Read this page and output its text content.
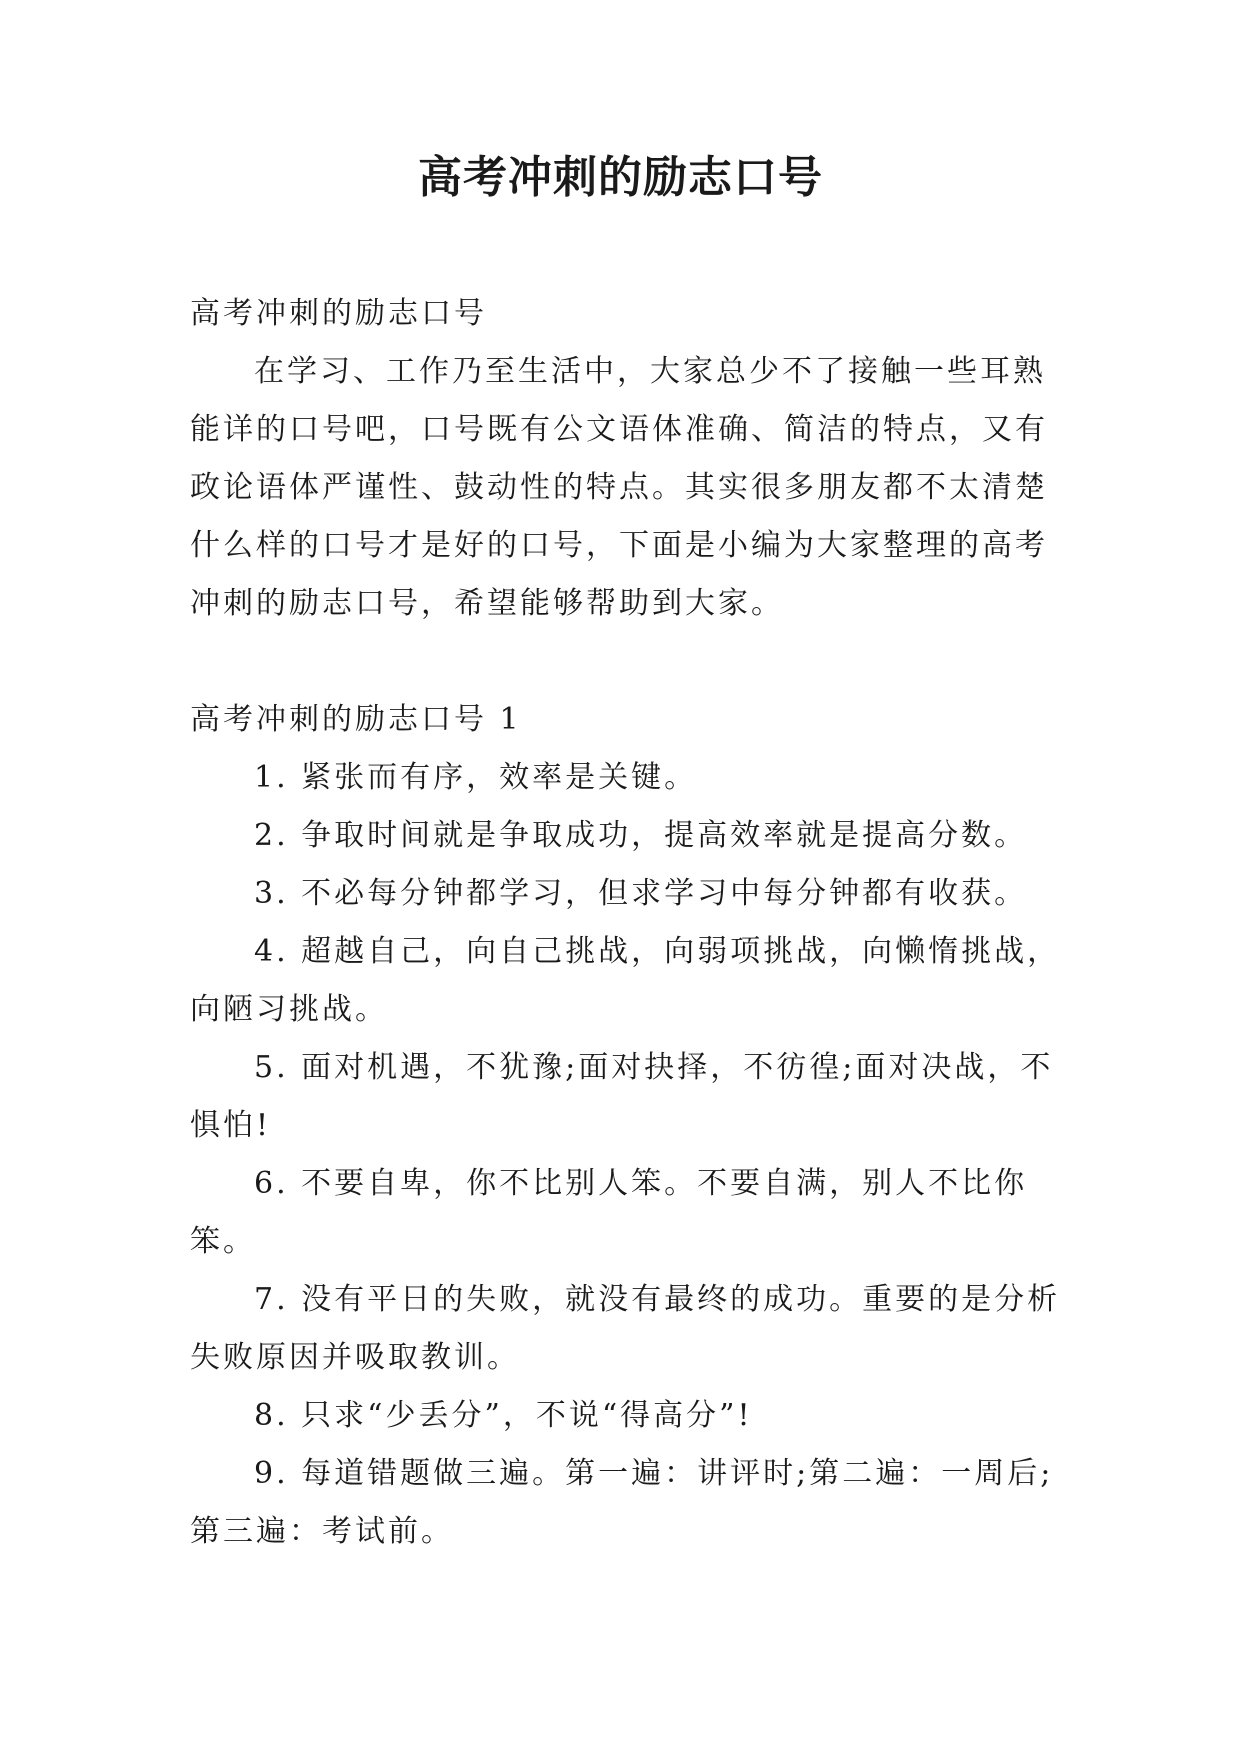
高考冲刺的励志口号

高考冲刺的励志口号

在学习、工作乃至生活中，大家总少不了接触一些耳熟能详的口号吧，口号既有公文语体准确、简洁的特点，又有政论语体严谨性、鼓动性的特点。其实很多朋友都不太清楚什么样的口号才是好的口号，下面是小编为大家整理的高考冲刺的励志口号，希望能够帮助到大家。

高考冲刺的励志口号 1

1. 紧张而有序，效率是关键。

2. 争取时间就是争取成功，提高效率就是提高分数。

3. 不必每分钟都学习，但求学习中每分钟都有收获。

4. 超越自己，向自己挑战，向弱项挑战，向懒惰挑战，向陋习挑战。

5. 面对机遇，不犹豫;面对抉择，不彷徨;面对决战，不惧怕!

6. 不要自卑，你不比别人笨。不要自满，别人不比你笨。

7. 没有平日的失败，就没有最终的成功。重要的是分析失败原因并吸取教训。

8. 只求“少丢分”，不说“得高分”!

9. 每道错题做三遍。第一遍：讲评时;第二遍：一周后;第三遍：考试前。
